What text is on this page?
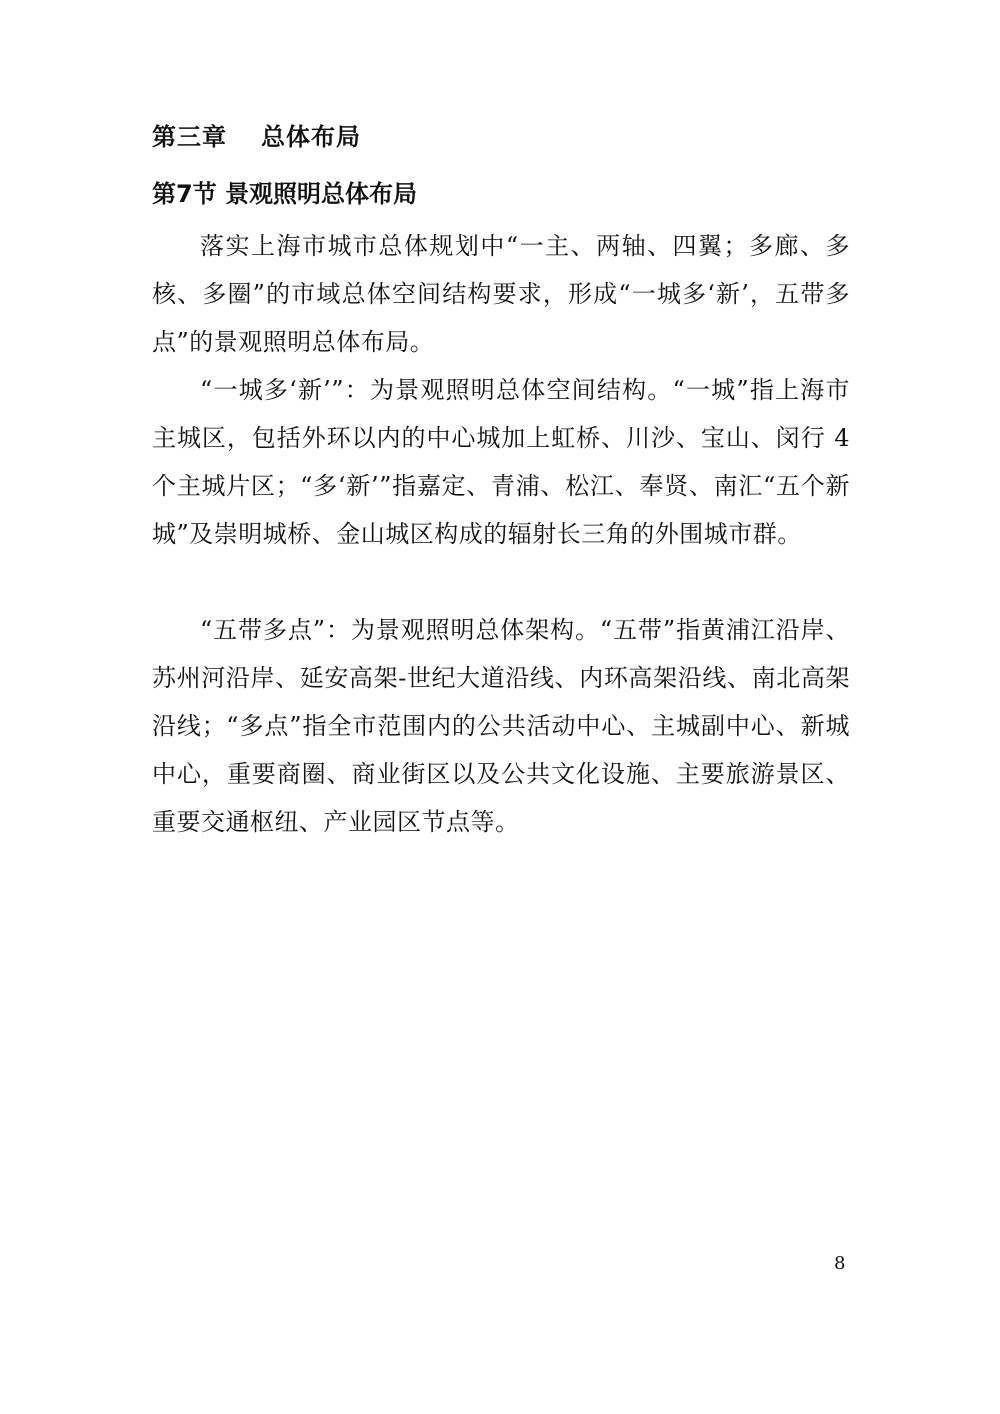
第三章 总体布局
第7节 景观照明总体布局

落实上海市城市总体规划中“一主、两轴、四翼；多廊、多核、多圈”的市域总体空间结构要求，形成“一城多‘新’，五带多点”的景观照明总体布局。

“一城多‘新’”：为景观照明总体空间结构。“一城”指上海市主城区，包括外环以内的中心城加上虹桥、川沙、宝山、闵行 4 个主城片区；“多‘新’”指嘉定、青浦、松江、奉贤、南汇“五个新城”及崇明城桥、金山城区构成的辐射长三角的外围城市群。

“五带多点”：为景观照明总体架构。“五带”指黄浦江沿岸、苏州河沿岸、延安高架-世纪大道沿线、内环高架沿线、南北高架沿线；“多点”指全市范围内的公共活动中心、主城副中心、新城中心，重要商圈、商业街区以及公共文化设施、主要旅游景区、重要交通枢纽、产业园区节点等。

8
